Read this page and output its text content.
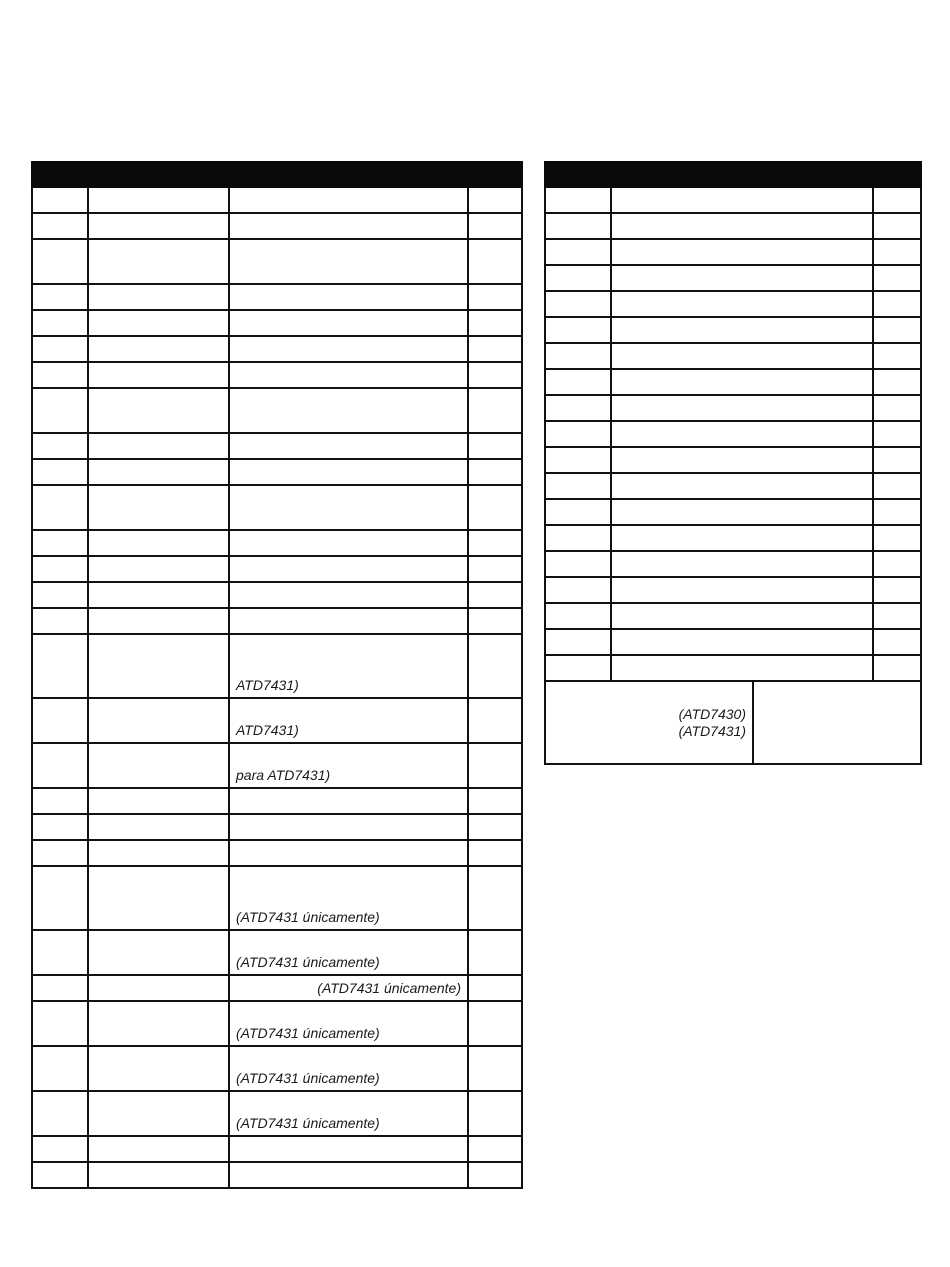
		ATD7431)	
		ATD7431)	
		para ATD7431)	

		(ATD7431 únicamente)	
		(ATD7431 únicamente)	
		(ATD7431 únicamente)	
		(ATD7431 únicamente)	
		(ATD7431 únicamente)	
		(ATD7431 únicamente)	

(ATD7430)
(ATD7431)			
